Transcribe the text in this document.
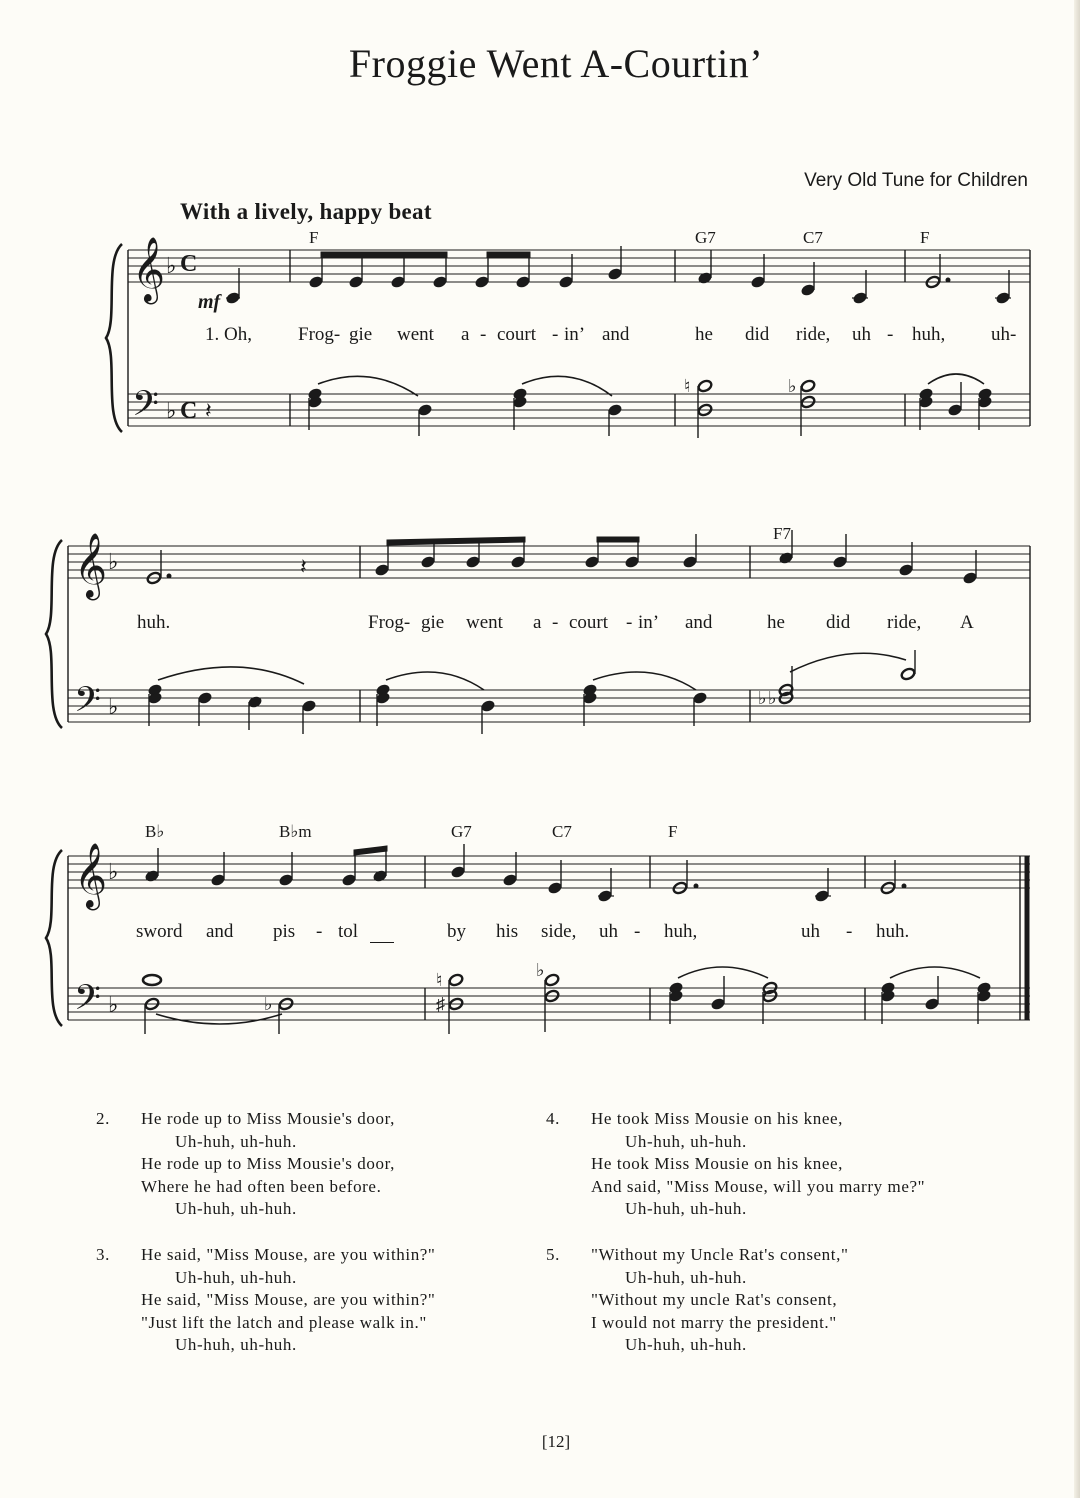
Froggie Went A-Courtin’
Very Old Tune for Children
With a lively, happy beat
𝄞 ♭ C
𝄢 ♭ C 𝄽
𝄞 ♭
𝄢 ♭
𝄽
𝄞 ♭
𝄢 ♭
mf
♮	♭
♭ ♭
♭
♮
♯
♭
F	G7	C7	F
F7
B♭	B♭m	G7	C7	F
1. Oh, Frog- gie went a - court - in’ and	he did ride, uh - huh, uh-
huh.	Frog- gie went a - court - in’ and	he did ride, A
sword and pis - tol	by his side, uh - huh,	uh - huh.
2. He rode up to Miss Mousie's door,
Uh-huh, uh-huh.
He rode up to Miss Mousie's door,
Where he had often been before.
Uh-huh, uh-huh.
3. He said, "Miss Mouse, are you within?"
Uh-huh, uh-huh.
He said, "Miss Mouse, are you within?"
"Just lift the latch and please walk in."
Uh-huh, uh-huh.
4. He took Miss Mousie on his knee,
Uh-huh, uh-huh.
He took Miss Mousie on his knee,
And said, "Miss Mouse, will you marry me?"
Uh-huh, uh-huh.
5. "Without my Uncle Rat's consent,"
Uh-huh, uh-huh.
"Without my uncle Rat's consent,
I would not marry the president."
Uh-huh, uh-huh.
[12]
